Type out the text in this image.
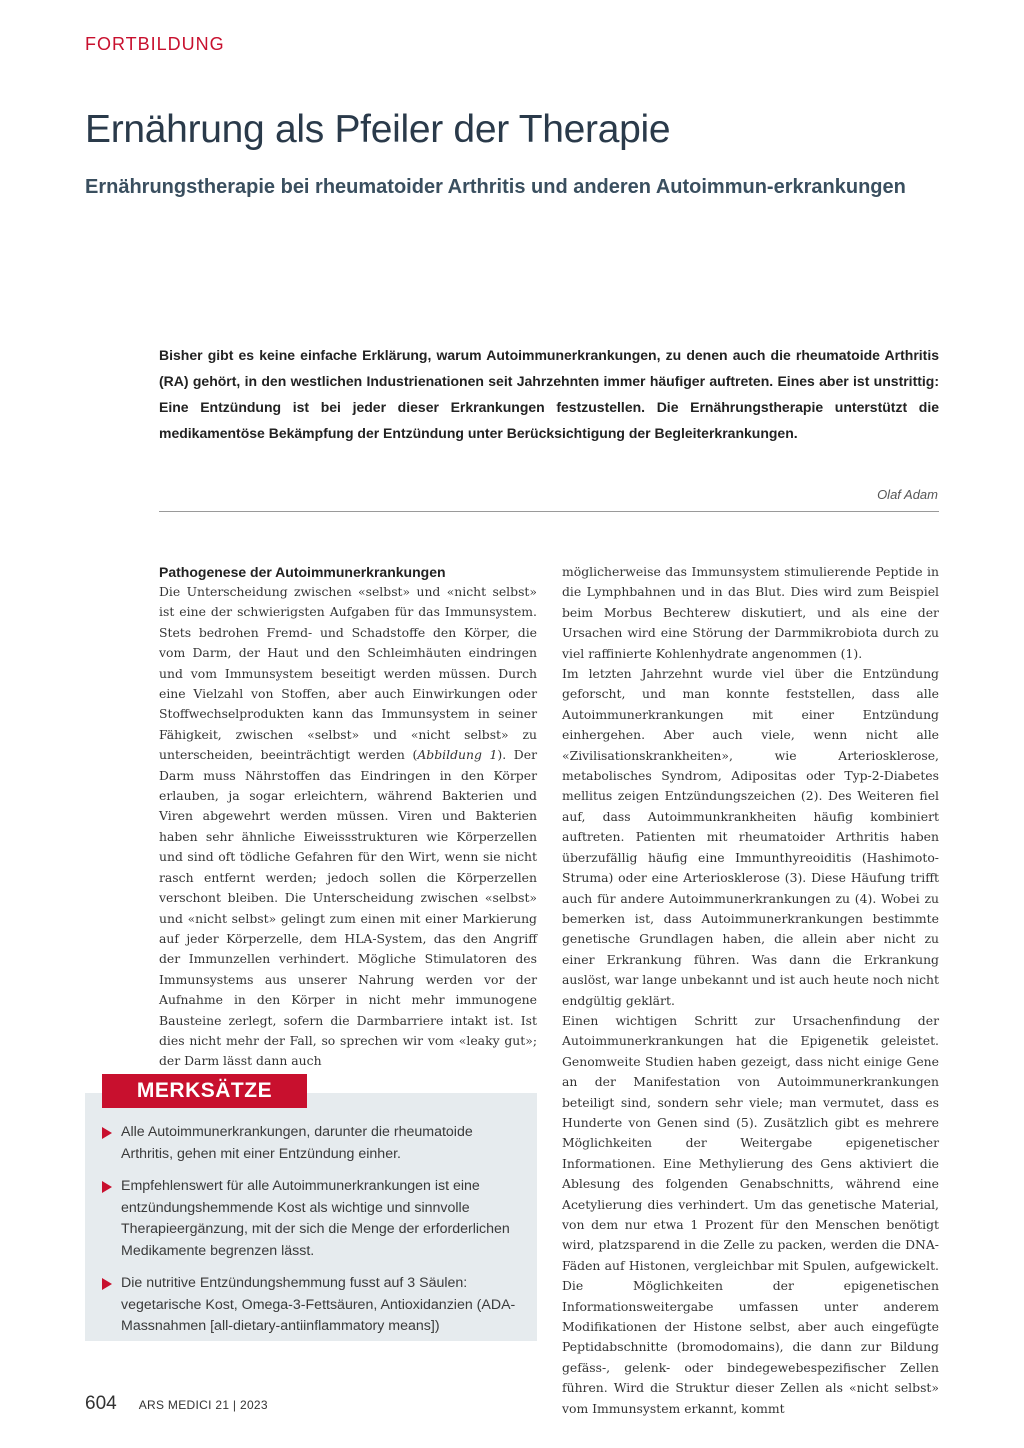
FORTBILDUNG
Ernährung als Pfeiler der Therapie
Ernährungstherapie bei rheumatoider Arthritis und anderen Autoimmun-erkrankungen

Bisher gibt es keine einfache Erklärung, warum Autoimmunerkrankungen, zu denen auch die rheumatoide Arthritis (RA) gehört, in den westlichen Industrienationen seit Jahrzehnten immer häufiger auftreten. Eines aber ist unstrittig: Eine Entzündung ist bei jeder dieser Erkrankungen festzustellen. Die Ernährungstherapie unterstützt die medikamentöse Bekämpfung der Entzündung unter Berücksichtigung der Begleiterkrankungen.

Olaf Adam

Pathogenese der Autoimmunerkrankungen

Die Unterscheidung zwischen «selbst» und «nicht selbst» ist eine der schwierigsten Aufgaben für das Immunsystem. Stets bedrohen Fremd- und Schadstoffe den Körper, die vom Darm, der Haut und den Schleimhäuten eindringen und vom Immunsystem beseitigt werden müssen. Durch eine Vielzahl von Stoffen, aber auch Einwirkungen oder Stoffwechselprodukten kann das Immunsystem in seiner Fähigkeit, zwischen «selbst» und «nicht selbst» zu unterscheiden, beeinträchtigt werden (Abbildung 1). Der Darm muss Nährstoffen das Eindringen in den Körper erlauben, ja sogar erleichtern, während Bakterien und Viren abgewehrt werden müssen. Viren und Bakterien haben sehr ähnliche Eiweissstrukturen wie Körperzellen und sind oft tödliche Gefahren für den Wirt, wenn sie nicht rasch entfernt werden; jedoch sollen die Körperzellen verschont bleiben. Die Unterscheidung zwischen «selbst» und «nicht selbst» gelingt zum einen mit einer Markierung auf jeder Körperzelle, dem HLA-System, das den Angriff der Immunzellen verhindert. Mögliche Stimulatoren des Immunsystems aus unserer Nahrung werden vor der Aufnahme in den Körper in nicht mehr immunogene Bausteine zerlegt, sofern die Darmbarriere intakt ist. Ist dies nicht mehr der Fall, so sprechen wir vom «leaky gut»; der Darm lässt dann auch

möglicherweise das Immunsystem stimulierende Peptide in die Lymphbahnen und in das Blut. Dies wird zum Beispiel beim Morbus Bechterew diskutiert, und als eine der Ursachen wird eine Störung der Darmmikrobiota durch zu viel raffinierte Kohlenhydrate angenommen (1).

Im letzten Jahrzehnt wurde viel über die Entzündung geforscht, und man konnte feststellen, dass alle Autoimmunerkrankungen mit einer Entzündung einhergehen. Aber auch viele, wenn nicht alle «Zivilisationskrankheiten», wie Arteriosklerose, metabolisches Syndrom, Adipositas oder Typ-2-Diabetes mellitus zeigen Entzündungszeichen (2). Des Weiteren fiel auf, dass Autoimmunkrankheiten häufig kombiniert auftreten. Patienten mit rheumatoider Arthritis haben überzufällig häufig eine Immunthyreoiditis (Hashimoto-Struma) oder eine Arteriosklerose (3). Diese Häufung trifft auch für andere Autoimmunerkrankungen zu (4). Wobei zu bemerken ist, dass Autoimmunerkrankungen bestimmte genetische Grundlagen haben, die allein aber nicht zu einer Erkrankung führen. Was dann die Erkrankung auslöst, war lange unbekannt und ist auch heute noch nicht endgültig geklärt.

Einen wichtigen Schritt zur Ursachenfindung der Autoimmunerkrankungen hat die Epigenetik geleistet. Genomweite Studien haben gezeigt, dass nicht einige Gene an der Manifestation von Autoimmunerkrankungen beteiligt sind, sondern sehr viele; man vermutet, dass es Hunderte von Genen sind (5). Zusätzlich gibt es mehrere Möglichkeiten der Weitergabe epigenetischer Informationen. Eine Methylierung des Gens aktiviert die Ablesung des folgenden Genabschnitts, während eine Acetylierung dies verhindert. Um das genetische Material, von dem nur etwa 1 Prozent für den Menschen benötigt wird, platzsparend in die Zelle zu packen, werden die DNA-Fäden auf Histonen, vergleichbar mit Spulen, aufgewickelt. Die Möglichkeiten der epigenetischen Informationsweitergabe umfassen unter anderem Modifikationen der Histone selbst, aber auch eingefügte Peptidabschnitte (bromodomains), die dann zur Bildung gefäss-, gelenk- oder bindegewebespezifischer Zellen führen. Wird die Struktur dieser Zellen als «nicht selbst» vom Immunsystem erkannt, kommt

MERKSÄTZE
Alle Autoimmunerkrankungen, darunter die rheumatoide Arthritis, gehen mit einer Entzündung einher.
Empfehlenswert für alle Autoimmunerkrankungen ist eine entzündungshemmende Kost als wichtige und sinnvolle Therapieergänzung, mit der sich die Menge der erforderlichen Medikamente begrenzen lässt.
Die nutritive Entzündungshemmung fusst auf 3 Säulen: vegetarische Kost, Omega-3-Fettsäuren, Antioxidanzien (ADA-Massnahmen [all-dietary-antiinflammatory means])
604 ARS MEDICI 21 | 2023
